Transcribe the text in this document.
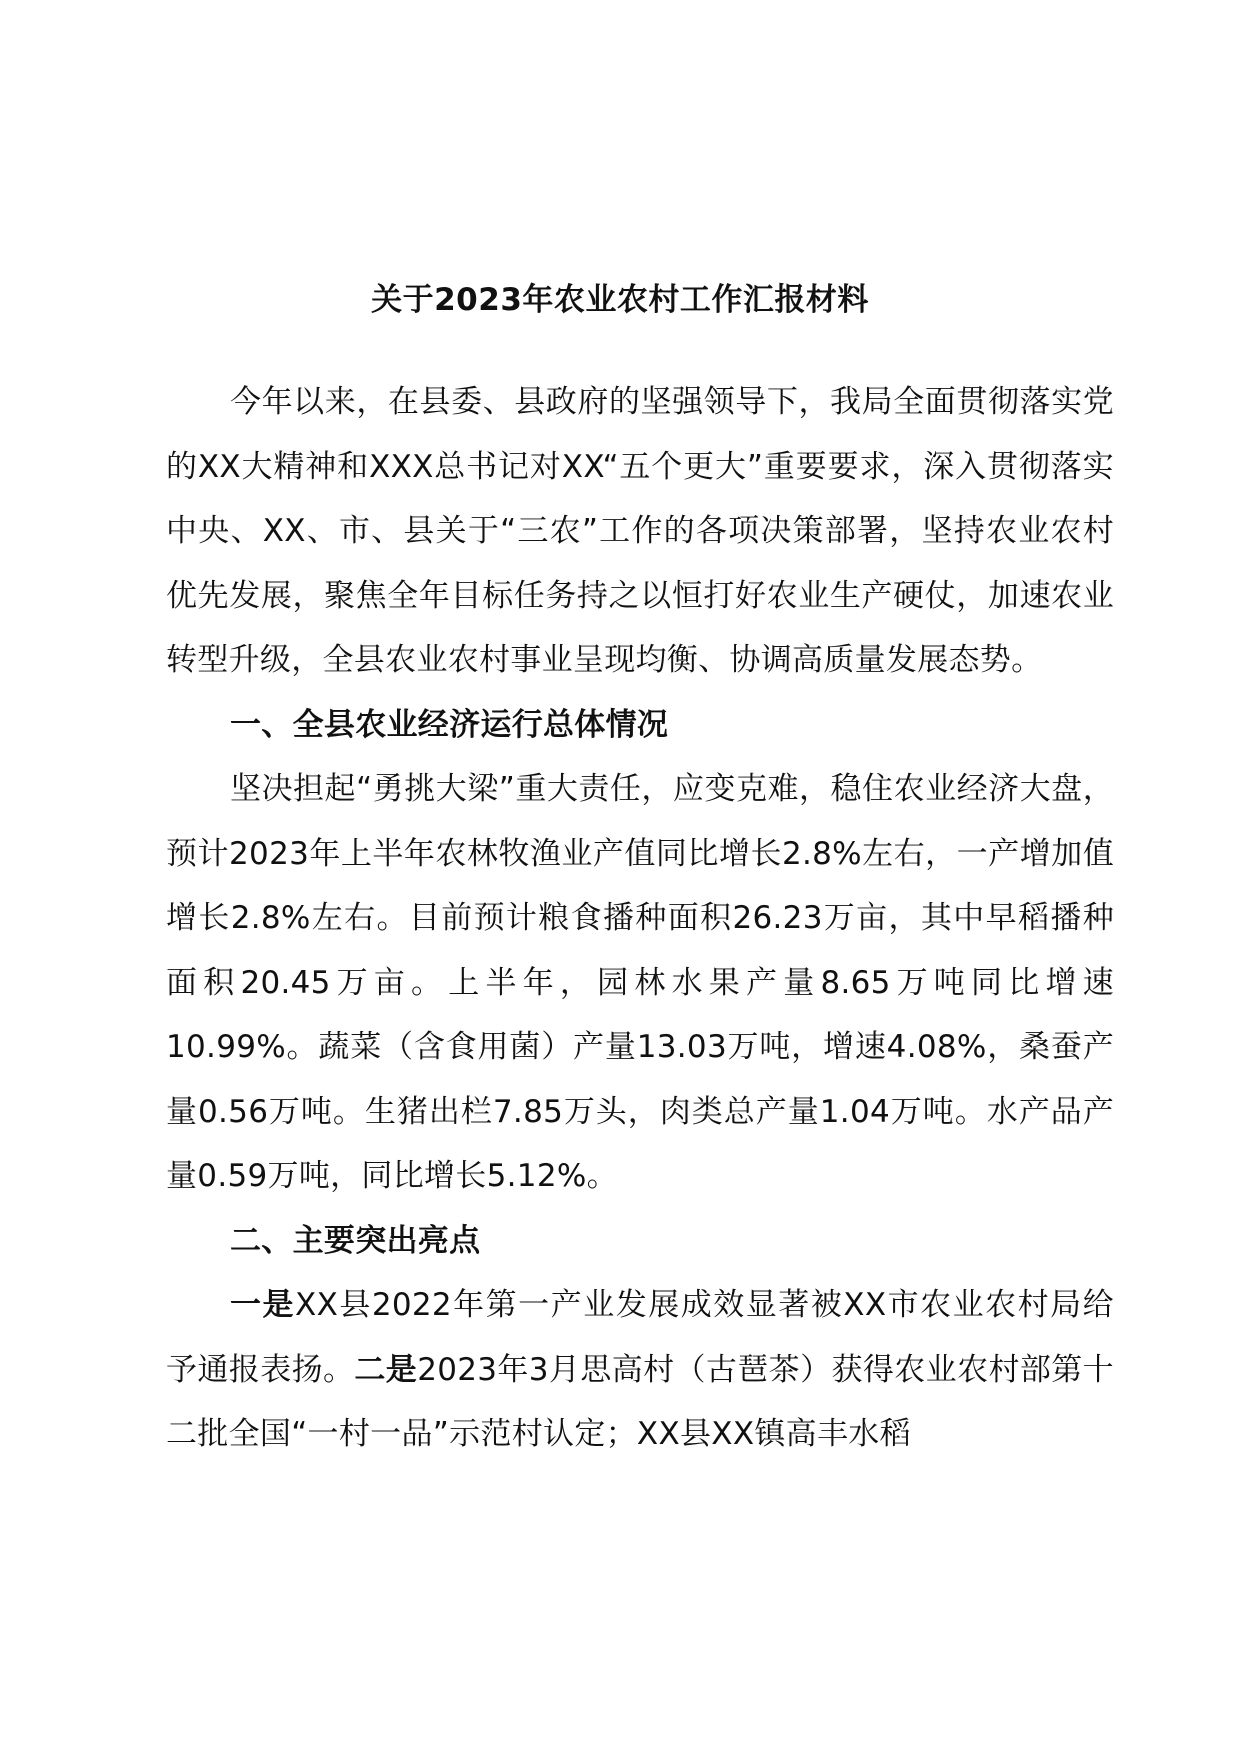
关于2023年农业农村工作汇报材料

今年以来，在县委、县政府的坚强领导下，我局全面贯彻落实党的XX大精神和XXX总书记对XX“五个更大”重要要求，深入贯彻落实中央、XX、市、县关于“三农”工作的各项决策部署，坚持农业农村优先发展，聚焦全年目标任务持之以恒打好农业生产硬仗，加速农业转型升级，全县农业农村事业呈现均衡、协调高质量发展态势。

一、全县农业经济运行总体情况

坚决担起“勇挑大梁”重大责任，应变克难，稳住农业经济大盘，预计2023年上半年农林牧渔业产值同比增长2.8%左右，一产增加值增长2.8%左右。目前预计粮食播种面积26.23万亩，其中早稻播种面积20.45万亩。上半年，园林水果产量8.65万吨同比增速10.99%。蔬菜（含食用菌）产量13.03万吨，增速4.08%，桑蚕产量0.56万吨。生猪出栏7.85万头，肉类总产量1.04万吨。水产品产量0.59万吨，同比增长5.12%。

二、主要突出亮点

一是XX县2022年第一产业发展成效显著被XX市农业农村局给予通报表扬。二是2023年3月思高村（古琶茶）获得农业农村部第十二批全国“一村一品”示范村认定；XX县XX镇高丰水稻
